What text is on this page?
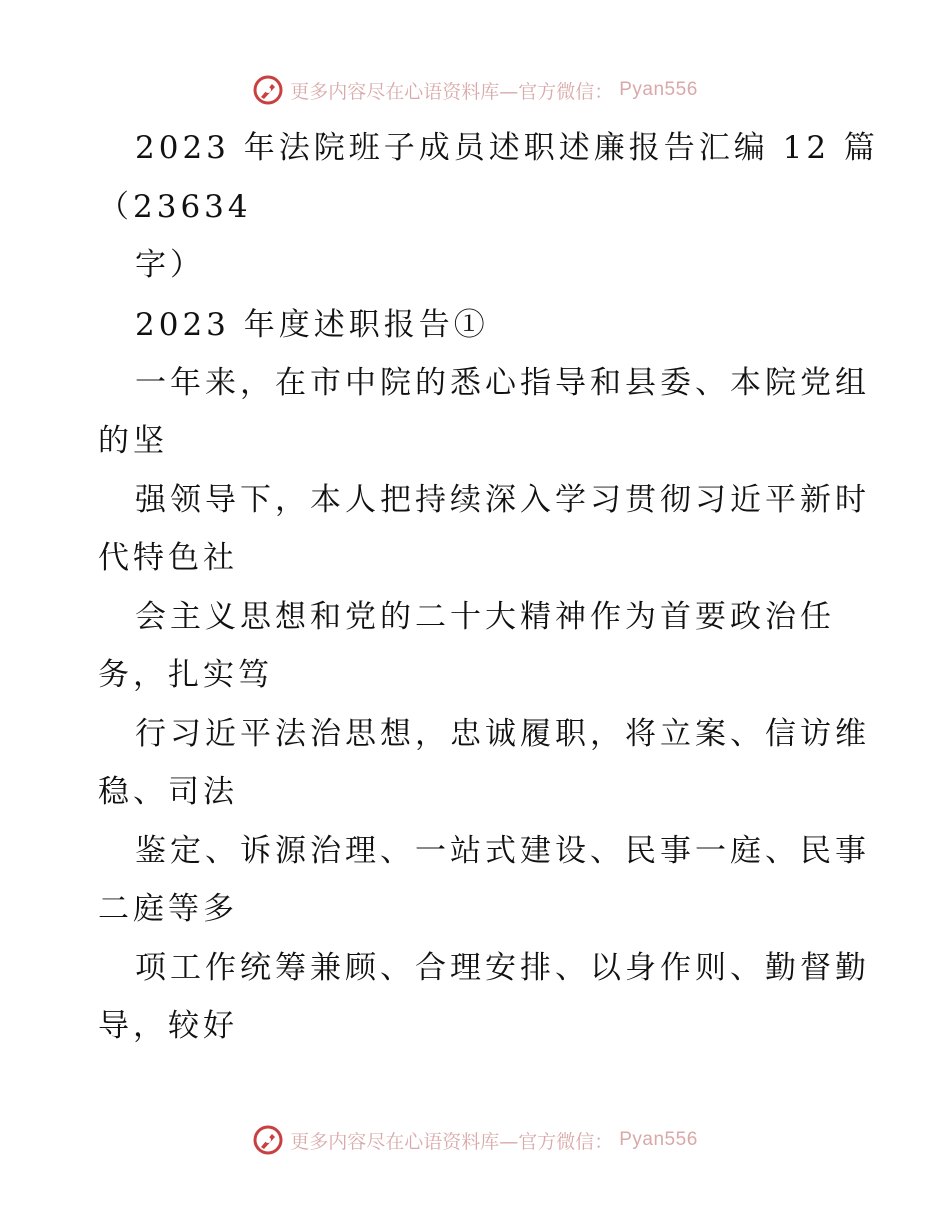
更多内容尽在心语资料库—官方微信： Pyan556
2023 年法院班子成员述职述廉报告汇编 12 篇
（23634
字）
2023 年度述职报告①
一年来，在市中院的悉心指导和县委、本院党组
的坚
强领导下，本人把持续深入学习贯彻习近平新时
代特色社
会主义思想和党的二十大精神作为首要政治任
务，扎实笃
行习近平法治思想，忠诚履职，将立案、信访维
稳、司法
鉴定、诉源治理、一站式建设、民事一庭、民事
二庭等多
项工作统筹兼顾、合理安排、以身作则、勤督勤
导，较好
更多内容尽在心语资料库—官方微信： Pyan556
